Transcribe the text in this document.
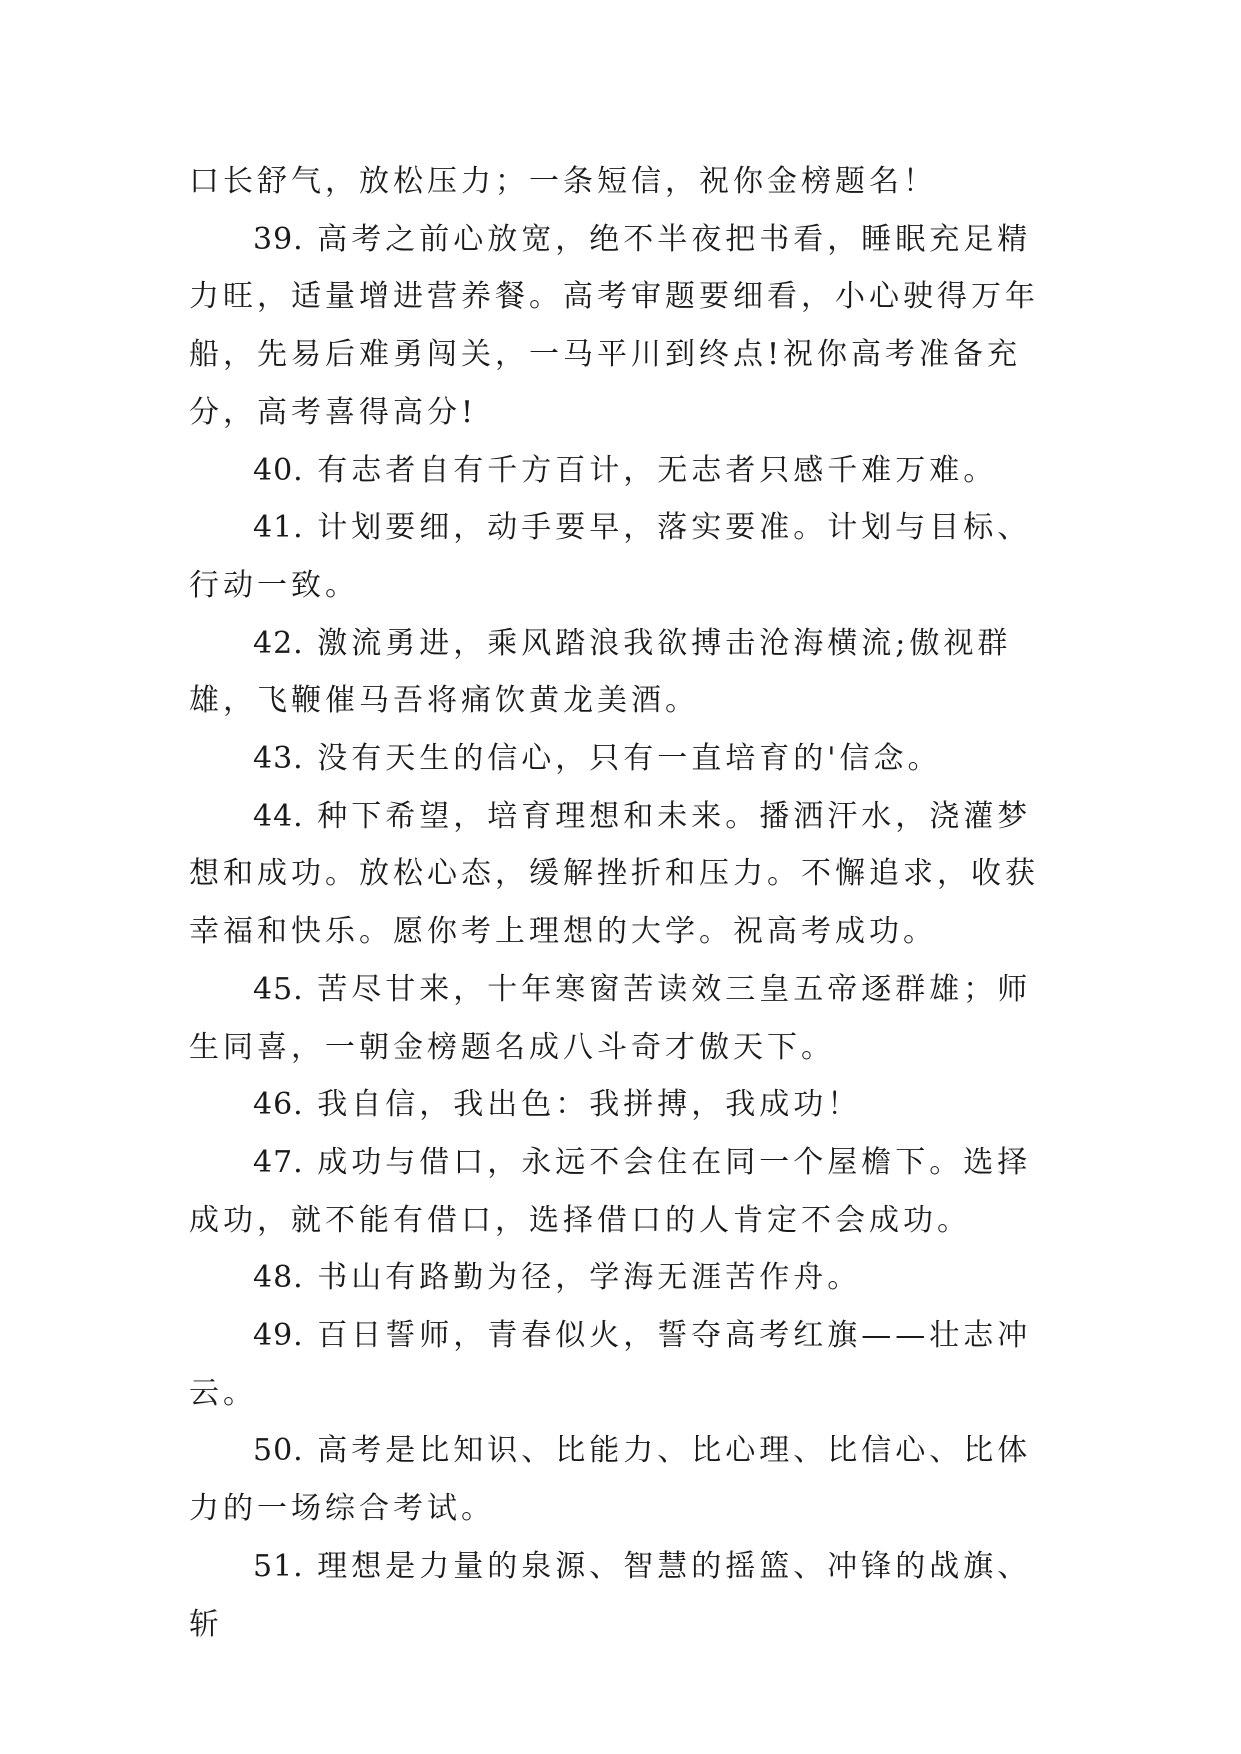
口长舒气，放松压力；一条短信，祝你金榜题名！

39. 高考之前心放宽，绝不半夜把书看，睡眠充足精力旺，适量增进营养餐。高考审题要细看，小心驶得万年船，先易后难勇闯关，一马平川到终点!祝你高考准备充分，高考喜得高分!

40. 有志者自有千方百计，无志者只感千难万难。

41. 计划要细，动手要早，落实要准。计划与目标、行动一致。

42. 激流勇进，乘风踏浪我欲搏击沧海横流;傲视群雄，飞鞭催马吾将痛饮黄龙美酒。

43. 没有天生的信心，只有一直培育的'信念。

44. 种下希望，培育理想和未来。播洒汗水，浇灌梦想和成功。放松心态，缓解挫折和压力。不懈追求，收获幸福和快乐。愿你考上理想的大学。祝高考成功。

45. 苦尽甘来，十年寒窗苦读效三皇五帝逐群雄；师生同喜，一朝金榜题名成八斗奇才傲天下。

46. 我自信，我出色：我拼搏，我成功！

47. 成功与借口，永远不会住在同一个屋檐下。选择成功，就不能有借口，选择借口的人肯定不会成功。

48. 书山有路勤为径，学海无涯苦作舟。

49. 百日誓师，青春似火，誓夺高考红旗——壮志冲云。

50. 高考是比知识、比能力、比心理、比信心、比体力的一场综合考试。

51. 理想是力量的泉源、智慧的摇篮、冲锋的战旗、斩
